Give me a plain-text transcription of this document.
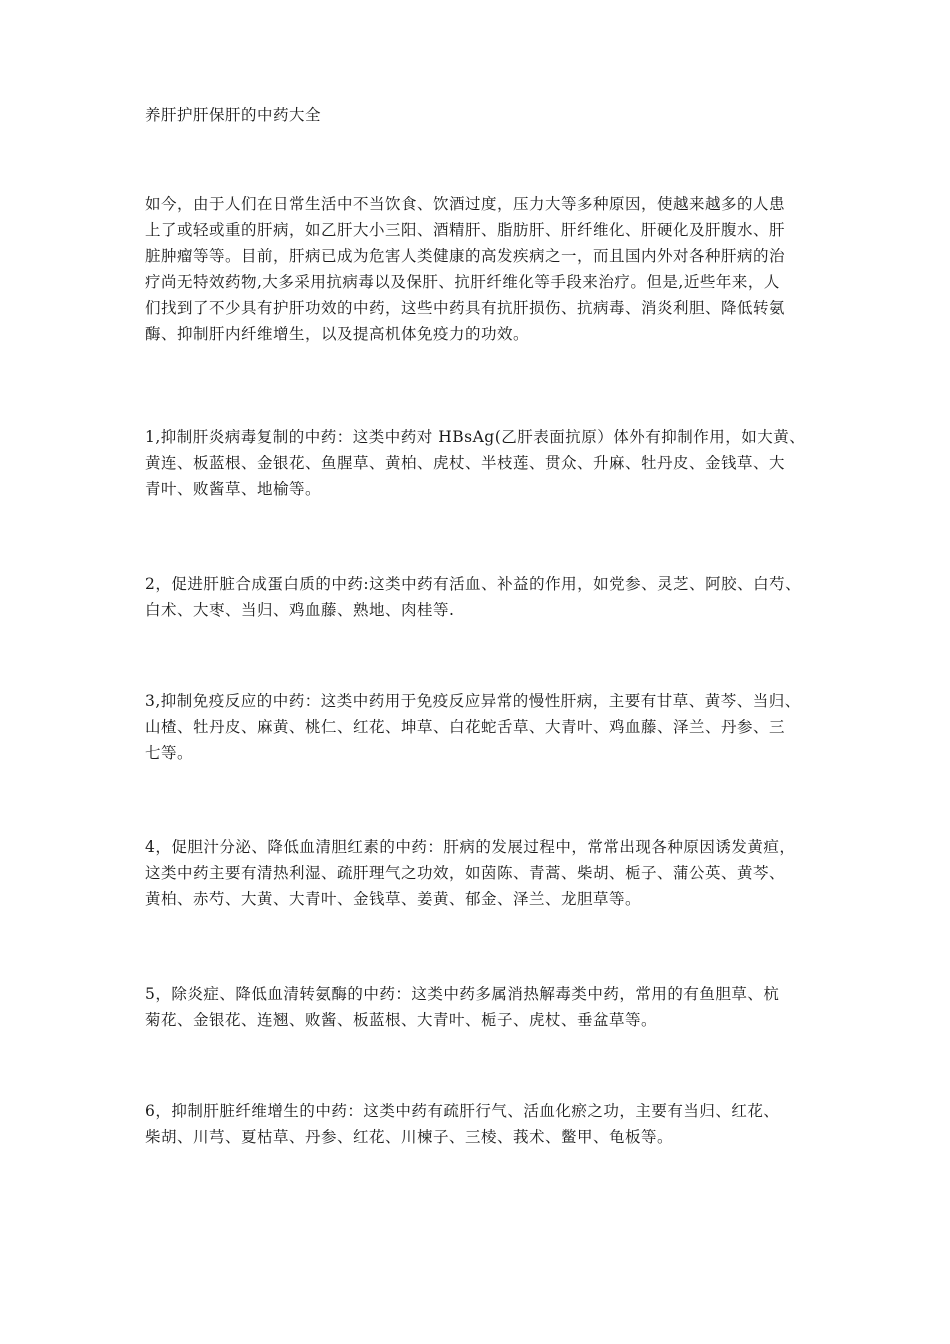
养肝护肝保肝的中药大全

如今，由于人们在日常生活中不当饮食、饮酒过度，压力大等多种原因，使越来越多的人患
上了或轻或重的肝病，如乙肝大小三阳、酒精肝、脂肪肝、肝纤维化、肝硬化及肝腹水、肝
脏肿瘤等等。目前，肝病已成为危害人类健康的高发疾病之一，而且国内外对各种肝病的治
疗尚无特效药物,大多采用抗病毒以及保肝、抗肝纤维化等手段来治疗。但是,近些年来，人
们找到了不少具有护肝功效的中药，这些中药具有抗肝损伤、抗病毒、消炎利胆、降低转氨
酶、抑制肝内纤维增生，以及提高机体免疫力的功效。

1,抑制肝炎病毒复制的中药：这类中药对 HBsAg(乙肝表面抗原）体外有抑制作用，如大黄、
黄连、板蓝根、金银花、鱼腥草、黄柏、虎杖、半枝莲、贯众、升麻、牡丹皮、金钱草、大
青叶、败酱草、地榆等。

2，促进肝脏合成蛋白质的中药:这类中药有活血、补益的作用，如党参、灵芝、阿胶、白芍、
白术、大枣、当归、鸡血藤、熟地、肉桂等.

3,抑制免疫反应的中药：这类中药用于免疫反应异常的慢性肝病，主要有甘草、黄芩、当归、
山楂、牡丹皮、麻黄、桃仁、红花、坤草、白花蛇舌草、大青叶、鸡血藤、泽兰、丹参、三
七等。

4，促胆汁分泌、降低血清胆红素的中药：肝病的发展过程中，常常出现各种原因诱发黄疸，
这类中药主要有清热利湿、疏肝理气之功效，如茵陈、青蒿、柴胡、栀子、蒲公英、黄芩、
黄柏、赤芍、大黄、大青叶、金钱草、姜黄、郁金、泽兰、龙胆草等。

5，除炎症、降低血清转氨酶的中药：这类中药多属消热解毒类中药，常用的有鱼胆草、杭
菊花、金银花、连翘、败酱、板蓝根、大青叶、栀子、虎杖、垂盆草等。

6，抑制肝脏纤维增生的中药：这类中药有疏肝行气、活血化瘀之功，主要有当归、红花、
柴胡、川芎、夏枯草、丹参、红花、川楝子、三棱、莪术、鳖甲、龟板等。
